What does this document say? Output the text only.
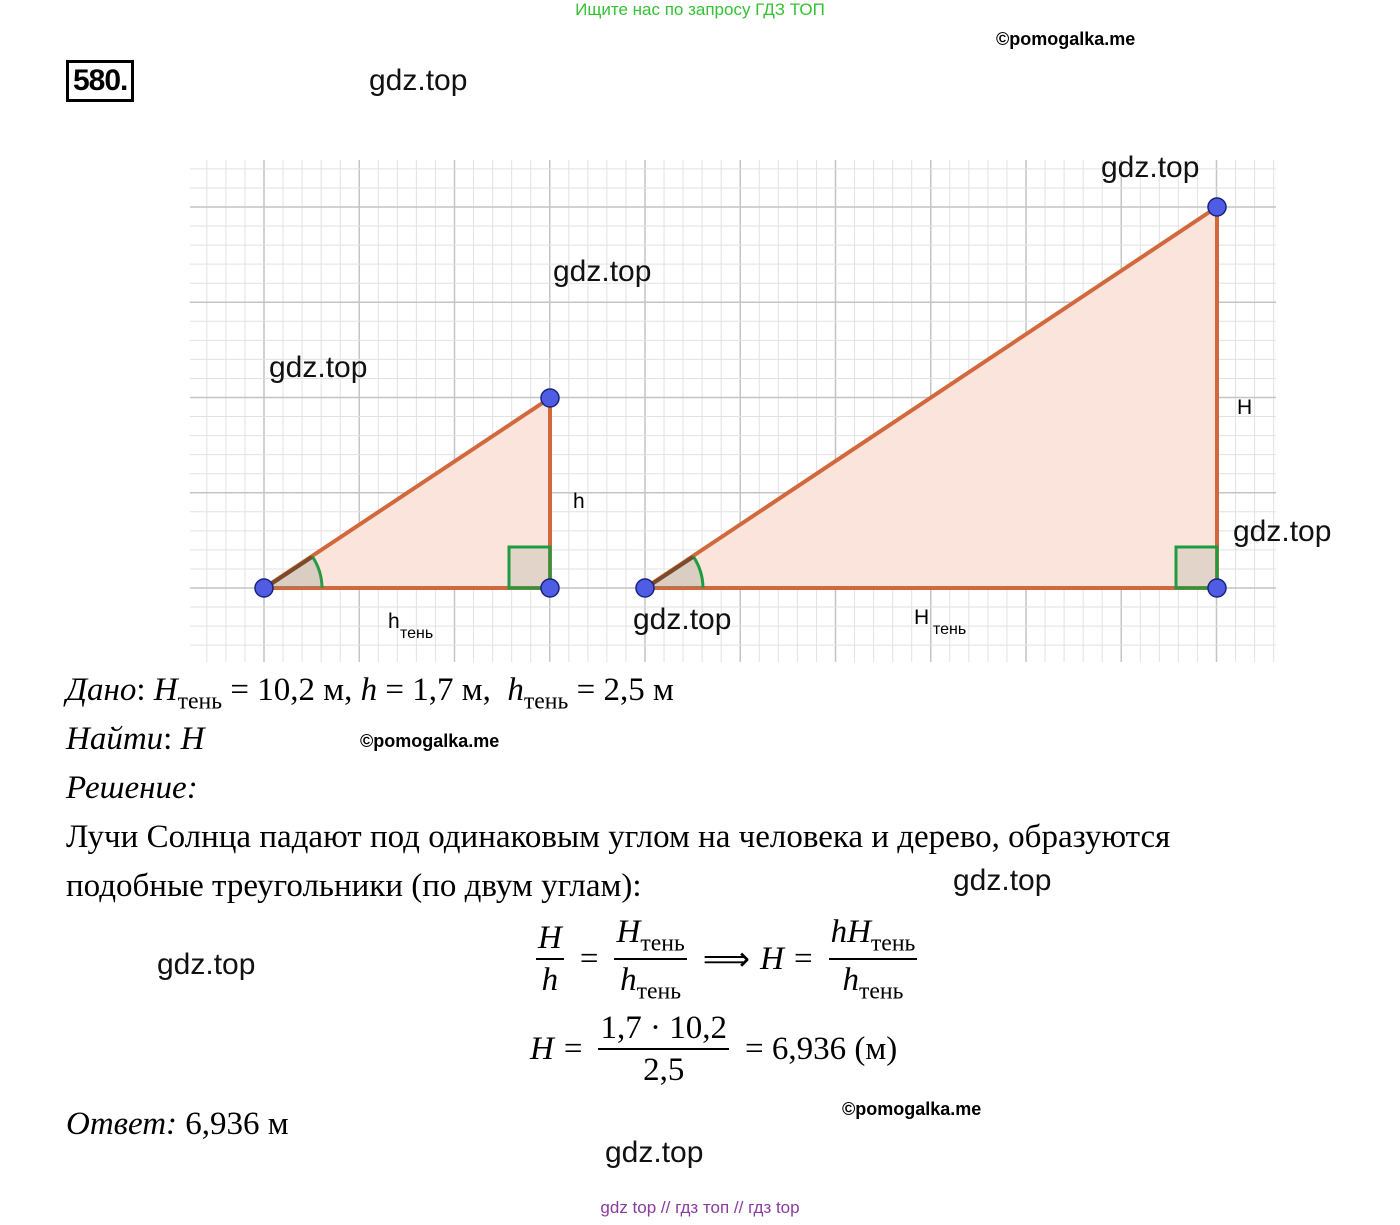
Ищите нас по запросу ГДЗ ТОП
©pomogalka.me
580.	gdz.top
h
h
тень
H
H
тень
gdz.top
gdz.top
gdz.top
gdz.top
gdz.top
Дано: $H_{тень} = 10,2$ м, h = 1,7 м, $h_{тень} = 2,5$ м
Найти: H	©pomogalka.me
Решение:
Лучи Солнца падают под одинаковым углом на человека и дерево, образуются
подобные треугольники (по двум углам):	gdz.top
gdz.top	$\frac{H}{h} = \frac{H_{тень}}{h_{тень}}$ ⟹ $H = \frac{hH_{тень}}{h_{тень}}$
$H = \frac{1,7 \cdot 10,2}{2,5} = 6,936$ (м)
©pomogalka.me
Ответ: 6,936 м
gdz.top
gdz top // гдз топ // гдз top
